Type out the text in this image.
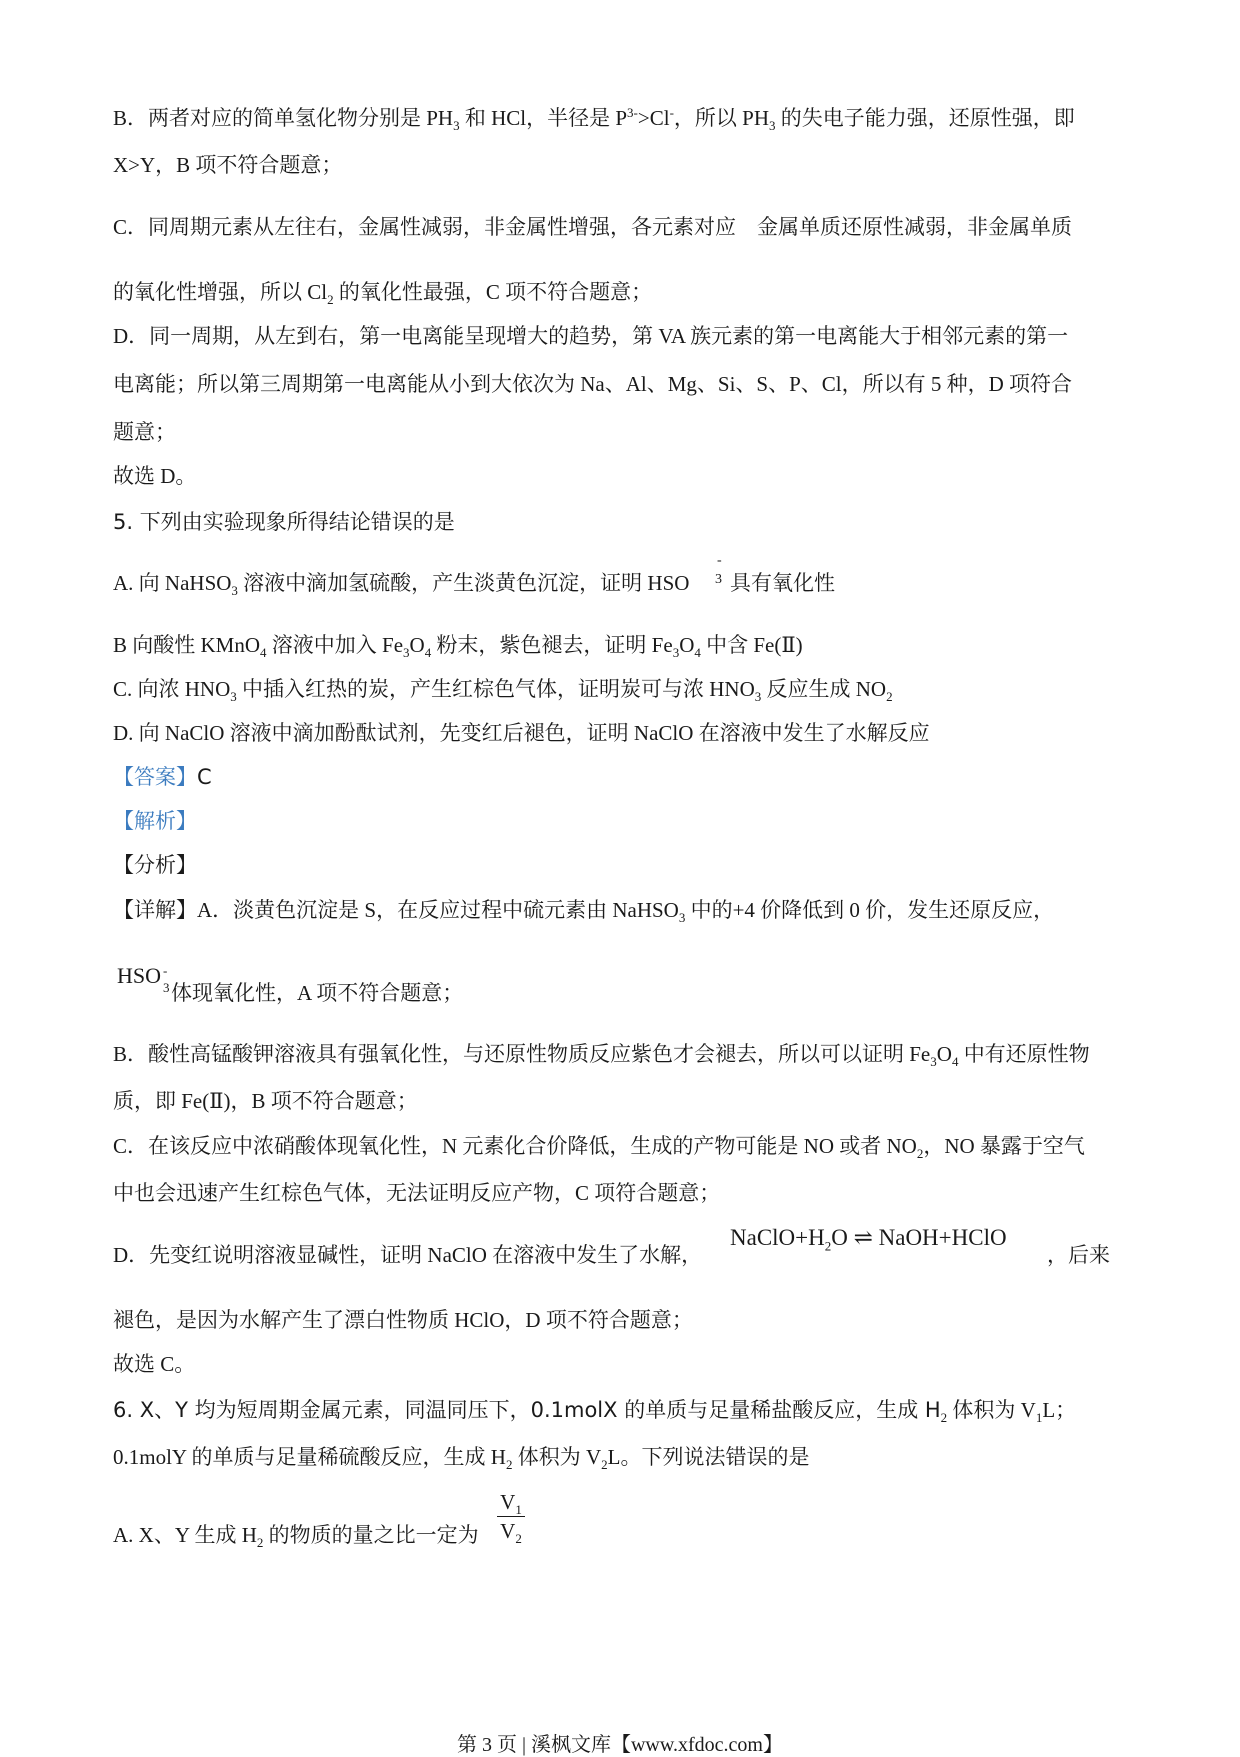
B．两者对应的简单氢化物分别是 $PH_3$ 和 HCl，半径是 $P^{3-}>Cl^-$，所以 $PH_3$ 的失电子能力强，还原性强，即
X>Y，B 项不符合题意；
C．同周期元素从左往右，金属性减弱，非金属性增强，各元素对应　金属单质还原性减弱，非金属单质
的氧化性增强，所以 $Cl_2$ 的氧化性最强，C 项不符合题意；
D．同一周期，从左到右，第一电离能呈现增大的趋势，第 VA 族元素的第一电离能大于相邻元素的第一
电离能；所以第三周期第一电离能从小到大依次为 Na、Al、Mg、Si、S、P、Cl，所以有 5 种，D 项符合
题意；
故选 D。
5. 下列由实验现象所得结论错误的是
A. 向 NaHSO$_3$ 溶液中滴加氢硫酸，产生淡黄色沉淀，证明 HSO
-
3 具有氧化性
B 向酸性 KMnO$_4$ 溶液中加入 $Fe_3O_4$ 粉末，紫色褪去，证明 $Fe_3O_4$ 中含 Fe(Ⅱ)
C. 向浓 $HNO_3$ 中插入红热的炭，产生红棕色气体，证明炭可与浓 $HNO_3$ 反应生成 $NO_2$
D. 向 NaClO 溶液中滴加酚酞试剂，先变红后褪色，证明 NaClO 在溶液中发生了水解反应
【答案】C
【解析】
【分析】
【详解】A．淡黄色沉淀是 S，在反应过程中硫元素由 NaHSO$_3$ 中的+4 价降低到 0 价，发生还原反应，
HSO -
3 体现氧化性，A 项不符合题意；
B．酸性高锰酸钾溶液具有强氧化性，与还原性物质反应紫色才会褪去，所以可以证明 $Fe_3O_4$ 中有还原性物
质，即 Fe(Ⅱ)，B 项不符合题意；
C．在该反应中浓硝酸体现氧化性，N 元素化合价降低，生成的产物可能是 NO 或者 $NO_2$，NO 暴露于空气
中也会迅速产生红棕色气体，无法证明反应产物，C 项符合题意；
D．先变红说明溶液显碱性，证明 NaClO 在溶液中发生了水解，
$NaClO+H_2O$ ⇌ NaOH+HClO
，后来
褪色，是因为水解产生了漂白性物质 HClO，D 项不符合题意；
故选 C。
6. X、Y 均为短周期金属元素，同温同压下，0.1molX 的单质与足量稀盐酸反应，生成 $H_2$ 体积为 $V_1L$；
0.1molY 的单质与足量稀硫酸反应，生成 $H_2$ 体积为 $V_2L$。下列说法错误的是
A. X、Y 生成 $H_2$ 的物质的量之比一定为 $\frac{V_1}{V_2}$
第 3 页 | 溪枫文库【www.xfdoc.com】
